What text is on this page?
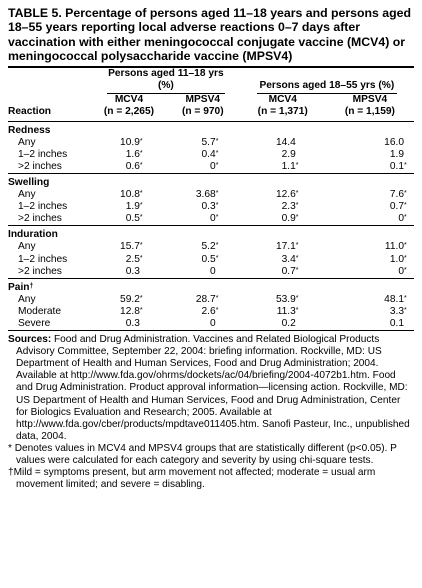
TABLE 5. Percentage of persons aged 11–18 years and persons aged 18–55 years reporting local adverse reactions 0–7 days after vaccination with either meningococcal conjugate vaccine (MCV4) or meningococcal polysaccharide vaccine (MPSV4)
	Persons aged 11–18 yrs (%)		Persons aged 18–55 yrs (%)	
	MCV4	MPSV4	MCV4	MPSV4
Reaction	(n = 2,265)	(n = 970)	(n = 1,371)	(n = 1,159)

Redness				
Any	10.9*	5.7*	14.4	16.0
1–2 inches	1.6*	0.4*	2.9	1.9
>2 inches	0.6*	0*	1.1*	0.1*

Swelling				
Any	10.8*	3.68*	12.6*	7.6*
1–2 inches	1.9*	0.3*	2.3*	0.7*
>2 inches	0.5*	0*	0.9*	0*

Induration				
Any	15.7*	5.2*	17.1*	11.0*
1–2 inches	2.5*	0.5*	3.4*	1.0*
>2 inches	0.3	0	0.7*	0*

Pain†
Any	59.2*	28.7*	53.9*	48.1*
Moderate	12.8*	2.6*	11.3*	3.3*
Severe	0.3	0	0.2	0.1

Sources: Food and Drug Administration. Vaccines and Related Biological Products Advisory Committee, September 22, 2004: briefing information. Rockville, MD: US Department of Health and Human Services, Food and Drug Administration; 2004. Available at http://www.fda.gov/ohrms/dockets/ac/04/briefing/2004-4072b1.htm. Food and Drug Administration. Product approval information—licensing action. Rockville, MD: US Department of Health and Human Services, Food and Drug Administration, Center for Biologics Evaluation and Research; 2005. Available at http://www.fda.gov/cber/products/mpdtave011405.htm. Sanofi Pasteur, Inc., unpublished data, 2004.

* Denotes values in MCV4 and MPSV4 groups that are statistically different (p<0.05). P values were calculated for each category and severity by using chi-square tests.

†Mild = symptoms present, but arm movement not affected; moderate = usual arm movement limited; and severe = disabling.
